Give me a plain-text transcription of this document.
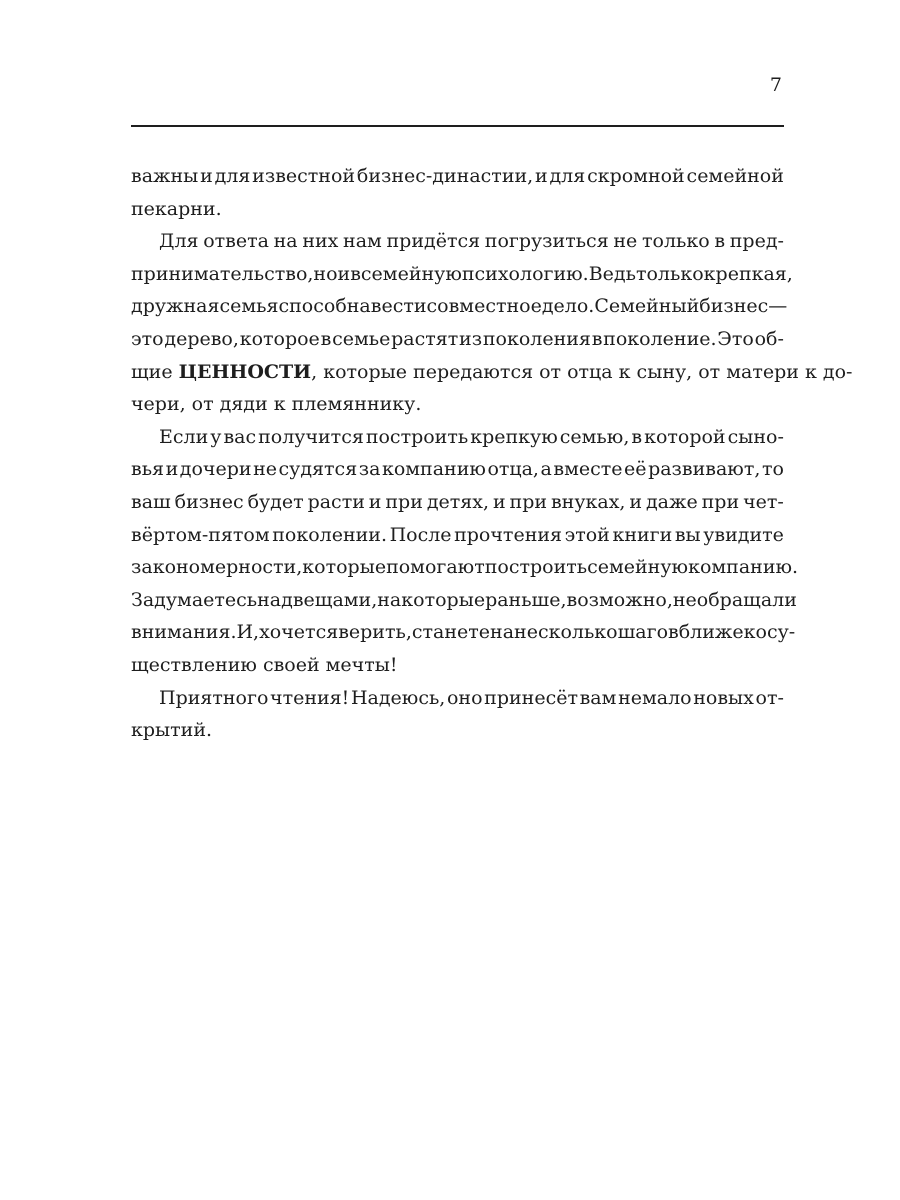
7
важны и для известной бизнес-династии, и для скромной семейной
пекарни.
Для ответа на них нам придётся погрузиться не только в пред-
принимательство, но и в семейную психологию. Ведь только крепкая,
дружная семья способна вести совместное дело. Семейный бизнес —
это дерево, которое в семье растят из поколения в поколение. Это об-
щие
ЦЕННОСТИ , которые передаются от отца к сыну, от матери к до-
чери, от дяди к племяннику.
Если у вас получится построить крепкую семью, в которой сыно-
вья и дочери не судятся за компанию отца, а вместе её развивают, то
ваш бизнес будет расти и при детях, и при внуках, и даже при чет-
вёртом-пятом поколении. После прочтения этой книги вы увидите
закономерности, которые помогают построить семейную компанию.
Задумаетесь над вещами, на которые раньше, возможно, не обращали
внимания. И, хочется верить, станете на несколько шагов ближе к осу-
ществлению своей мечты!
Приятного чтения! Надеюсь, оно принесёт вам немало новых от-
крытий.
